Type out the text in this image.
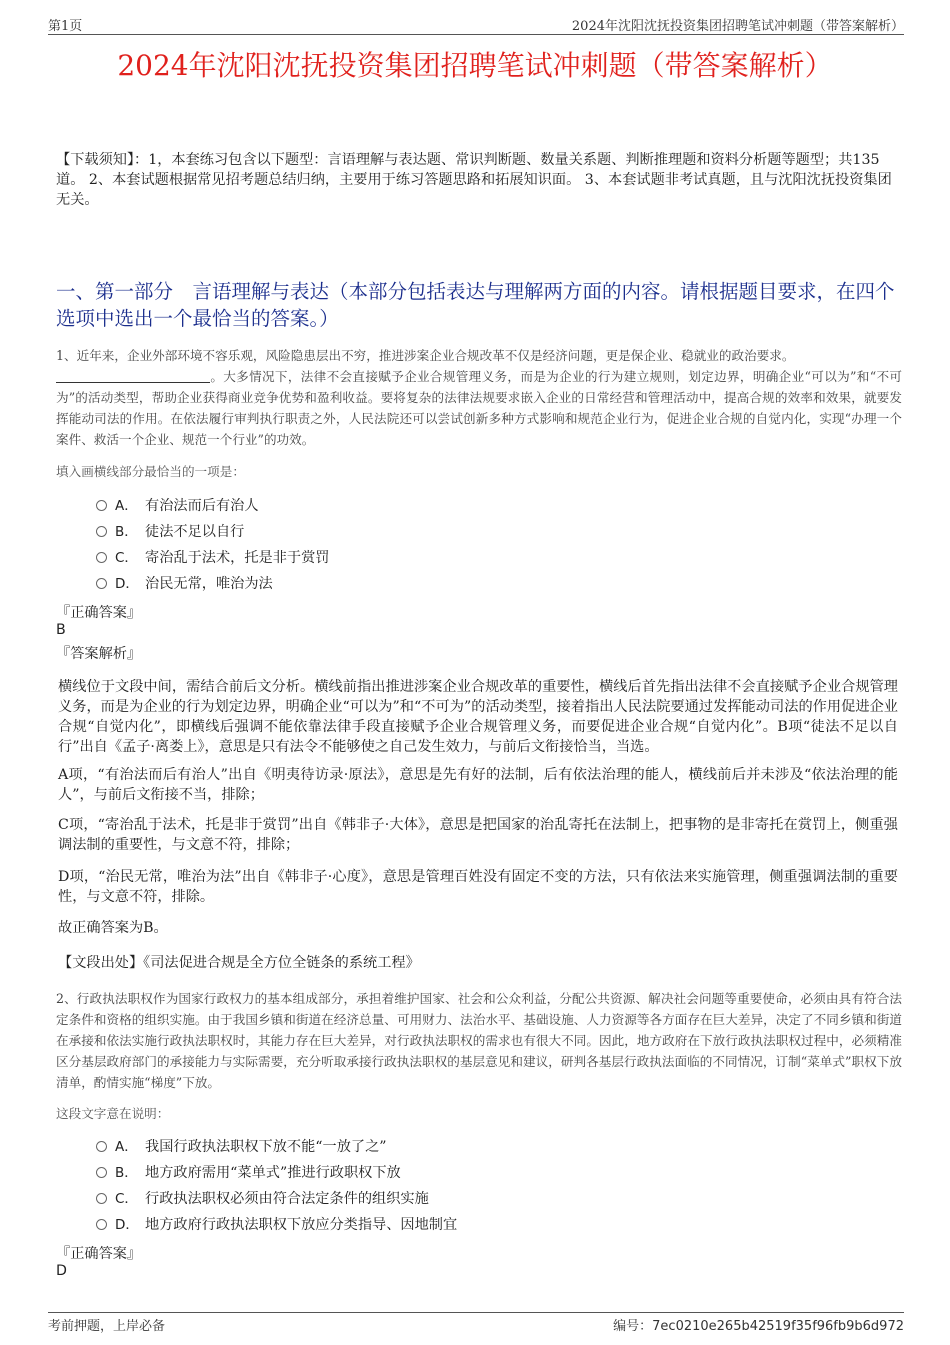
第1页	2024年沈阳沈抚投资集团招聘笔试冲刺题（带答案解析）
2024年沈阳沈抚投资集团招聘笔试冲刺题（带答案解析）
【下载须知】：1，本套练习包含以下题型：言语理解与表达题、常识判断题、数量关系题、判断推理题和资料分析题等题型；共135道。 2、本套试题根据常见招考题总结归纳，主要用于练习答题思路和拓展知识面。 3、本套试题非考试真题，且与沈阳沈抚投资集团无关。
一、第一部分　言语理解与表达（本部分包括表达与理解两方面的内容。请根据题目要求，在四个选项中选出一个最恰当的答案。）
1、近年来，企业外部环境不容乐观，风险隐患层出不穷，推进涉案企业合规改革不仅是经济问题，更是保企业、稳就业的政治要求。
。大多情况下，法律不会直接赋予企业合规管理义务，而是为企业的行为建立规则，划定边界，明确企业“可以为”和“不可为”的活动类型，帮助企业获得商业竞争优势和盈利收益。要将复杂的法律法规要求嵌入企业的日常经营和管理活动中，提高合规的效率和效果，就要发挥能动司法的作用。在依法履行审判执行职责之外，人民法院还可以尝试创新多种方式影响和规范企业行为，促进企业合规的自觉内化，实现“办理一个案件、救活一个企业、规范一个行业”的功效。
填入画横线部分最恰当的一项是：
A． 有治法而后有治人
B． 徒法不足以自行
C． 寄治乱于法术，托是非于赏罚
D． 治民无常，唯治为法
『正确答案』
B
『答案解析』
横线位于文段中间，需结合前后文分析。横线前指出推进涉案企业合规改革的重要性，横线后首先指出法律不会直接赋予企业合规管理义务，而是为企业的行为划定边界，明确企业“可以为”和“不可为”的活动类型，接着指出人民法院要通过发挥能动司法的作用促进企业合规“自觉内化”，即横线后强调不能依靠法律手段直接赋予企业合规管理义务，而要促进企业合规“自觉内化”。B项“徒法不足以自行”出自《孟子·离娄上》，意思是只有法令不能够使之自己发生效力，与前后文衔接恰当，当选。
A项，“有治法而后有治人”出自《明夷待访录·原法》，意思是先有好的法制，后有依法治理的能人，横线前后并未涉及“依法治理的能人”，与前后文衔接不当，排除；
C项，“寄治乱于法术，托是非于赏罚”出自《韩非子·大体》，意思是把国家的治乱寄托在法制上，把事物的是非寄托在赏罚上，侧重强调法制的重要性，与文意不符，排除；
D项，“治民无常，唯治为法”出自《韩非子·心度》，意思是管理百姓没有固定不变的方法，只有依法来实施管理，侧重强调法制的重要性，与文意不符，排除。
故正确答案为B。
【文段出处】《司法促进合规是全方位全链条的系统工程》
2、行政执法职权作为国家行政权力的基本组成部分，承担着维护国家、社会和公众利益，分配公共资源、解决社会问题等重要使命，必须由具有符合法定条件和资格的组织实施。由于我国乡镇和街道在经济总量、可用财力、法治水平、基础设施、人力资源等各方面存在巨大差异，决定了不同乡镇和街道在承接和依法实施行政执法职权时，其能力存在巨大差异，对行政执法职权的需求也有很大不同。因此，地方政府在下放行政执法职权过程中，必须精准区分基层政府部门的承接能力与实际需要，充分听取承接行政执法职权的基层意见和建议，研判各基层行政执法面临的不同情况，订制“菜单式”职权下放清单，酌情实施“梯度”下放。
这段文字意在说明：
A． 我国行政执法职权下放不能“一放了之”
B． 地方政府需用“菜单式”推进行政职权下放
C． 行政执法职权必须由符合法定条件的组织实施
D． 地方政府行政执法职权下放应分类指导、因地制宜
『正确答案』
D
考前押题，上岸必备	编号：7ec0210e265b42519f35f96fb9b6d972
